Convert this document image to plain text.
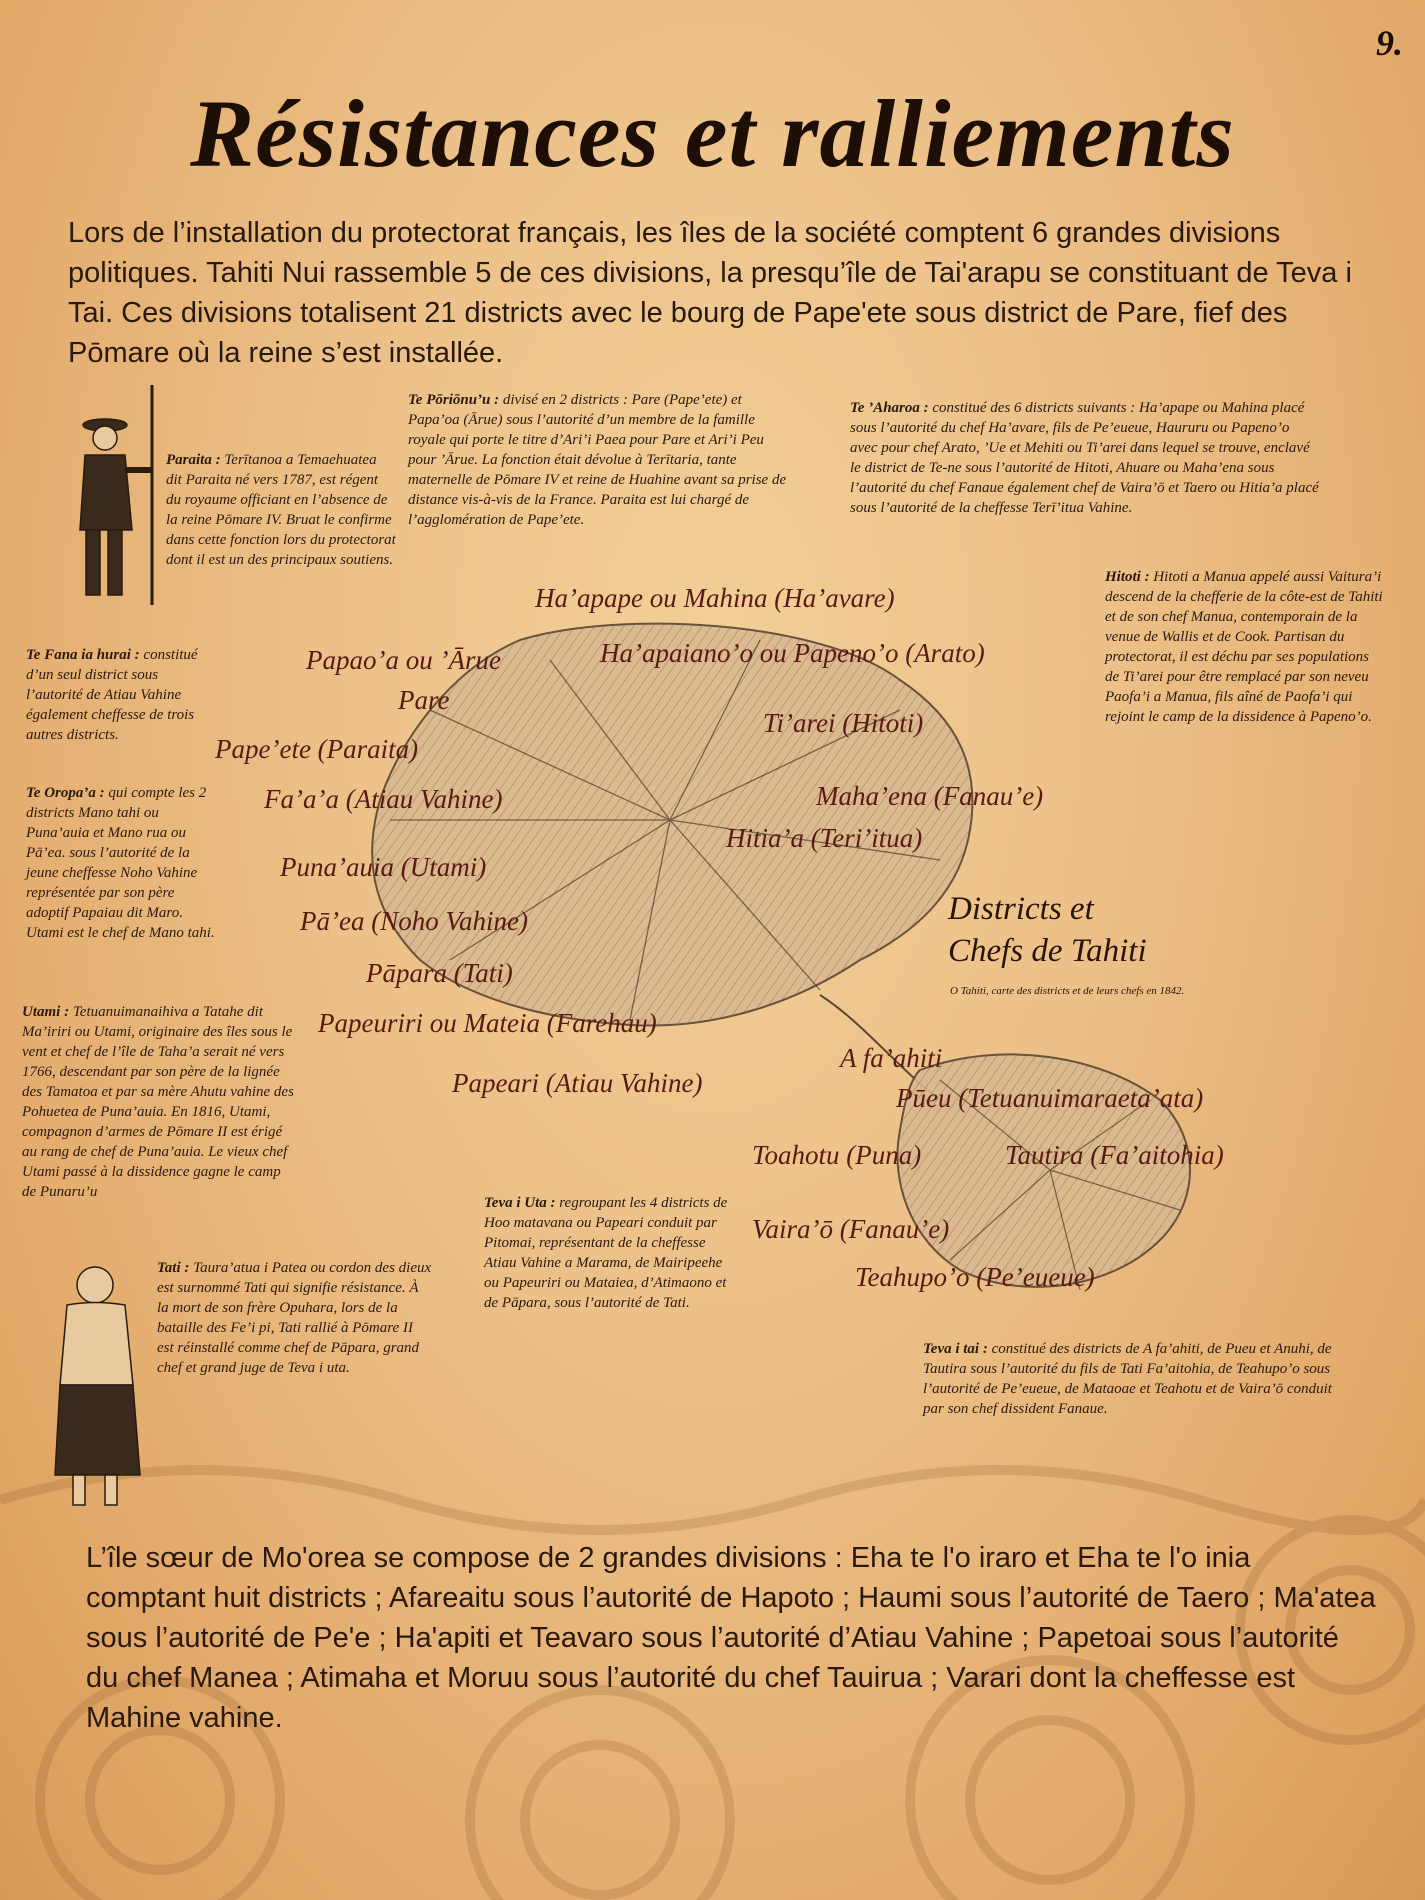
9.
Résistances et ralliements
Lors de l’installation du protectorat français, les îles de la société comptent 6 grandes divisions politiques. Tahiti Nui rassemble 5 de ces divisions, la presqu’île de Tai'arapu se constituant de Teva i Tai. Ces divisions totalisent 21 districts avec le bourg de Pape'ete sous district de Pare, fief des Pōmare où la reine s’est installée.
Paraita : Terītanoa a Temaehuatea dit Paraita né vers 1787, est régent du royaume officiant en l’absence de la reine Pōmare IV. Bruat le confirme dans cette fonction lors du protectorat dont il est un des principaux soutiens.
Te Pōriōnu’u : divisé en 2 districts : Pare (Pape’ete) et Papa’oa (Ārue) sous l’autorité d’un membre de la famille royale qui porte le titre d’Ari’i Paea pour Pare et Ari’i Peu pour ’Ārue. La fonction était dévolue à Terītaria, tante maternelle de Pōmare IV et reine de Huahine avant sa prise de distance vis-à-vis de la France. Paraita est lui chargé de l’agglomération de Pape’ete.
Te ’Aharoa : constitué des 6 districts suivants : Ha’apape ou Mahina placé sous l’autorité du chef Ha’avare, fils de Pe’eueue, Haururu ou Papeno’o avec pour chef Arato, ’Ue et Mehiti ou Ti’arei dans lequel se trouve, enclavé le district de Te-ne sous l’autorité de Hitoti, Ahuare ou Maha’ena sous l’autorité du chef Fanaue également chef de Vaira’ō et Taero ou Hitia’a placé sous l’autorité de la cheffesse Terī’itua Vahine.
Hitoti : Hitoti a Manua appelé aussi Vaitura’i descend de la chefferie de la côte-est de Tahiti et de son chef Manua, contemporain de la venue de Wallis et de Cook. Partisan du protectorat, il est déchu par ses populations de Ti’arei pour être remplacé par son neveu Paofa’i a Manua, fils aîné de Paofa’i qui rejoint le camp de la dissidence à Papeno’o.
Te Fana ia hurai : constitué d’un seul district sous l’autorité de Atiau Vahine également cheffesse de trois autres districts.
Te Oropa’a : qui compte les 2 districts Mano tahi ou Puna’auia et Mano rua ou Pā’ea. sous l’autorité de la jeune cheffesse Noho Vahine représentée par son père adoptif Papaiau dit Maro. Utami est le chef de Mano tahi.
Utami : Tetuanuimanaihiva a Tatahe dit Ma’iriri ou Utami, originaire des îles sous le vent et chef de l’île de Taha’a serait né vers 1766, descendant par son père de la lignée des Tamatoa et par sa mère Ahutu vahine des Pohuetea de Puna’auia. En 1816, Utami, compagnon d’armes de Pōmare II est érigé au rang de chef de Puna’auia. Le vieux chef Utami passé à la dissidence gagne le camp de Punaru’u
Tati : Taura’atua i Patea ou cordon des dieux est surnommé Tati qui signifie résistance. À la mort de son frère Opuhara, lors de la bataille des Fe’i pi, Tati rallié à Pōmare II est réinstallé comme chef de Pāpara, grand chef et grand juge de Teva i uta.
Teva i Uta : regroupant les 4 districts de Hoo matavana ou Papeari conduit par Pitomai, représentant de la cheffesse Atiau Vahine a Marama, de Mairipeehe ou Papeuriri ou Mataiea, d’Atimaono et de Pāpara, sous l’autorité de Tati.
Teva i tai : constitué des districts de A fa’ahiti, de Pueu et Anuhi, de Tautira sous l’autorité du fils de Tati Fa’aitohia, de Teahupo’o sous l’autorité de Pe’eueue, de Mataoae et Teahotu et de Vaira’ō conduit par son chef dissident Fanaue.
Ha’apape ou Mahina (Ha’avare)
Ha’apaiano’o ou Papeno’o (Arato)
Papao’a ou ’Ārue
Pare
Pape’ete (Paraita)
Ti’arei (Hitoti)
Fa’a’a (Atiau Vahine)	Maha’ena (Fanau’e)
Hitia’a (Teri’itua)
Puna’auia (Utami)
Pā’ea (Noho Vahine)
Pāpara (Tati)
Papeuriri ou Mateia (Farehau)
Papeari (Atiau Vahine)
A fa’ahiti
Pūeu (Tetuanuimaraeta’ata)
Toahotu (Puna)	Tautira (Fa’aitohia)
Vaira’ō (Fanau’e)
Teahupo’o (Pe’eueue)
Districts et
Chefs de Tahiti
O Tahiti, carte des districts et de leurs chefs en 1842.
L’île sœur de Mo'orea se compose de 2 grandes divisions : Eha te l'o iraro et Eha te l'o inia comptant huit districts ; Afareaitu sous l’autorité de Hapoto ; Haumi sous l’autorité de Taero ; Ma'atea sous l’autorité de Pe'e ; Ha'apiti et Teavaro sous l’autorité d’Atiau Vahine ; Papetoai sous l’autorité du chef Manea ; Atimaha et Moruu sous l’autorité du chef Tauirua ; Varari dont la cheffesse est Mahine vahine.
